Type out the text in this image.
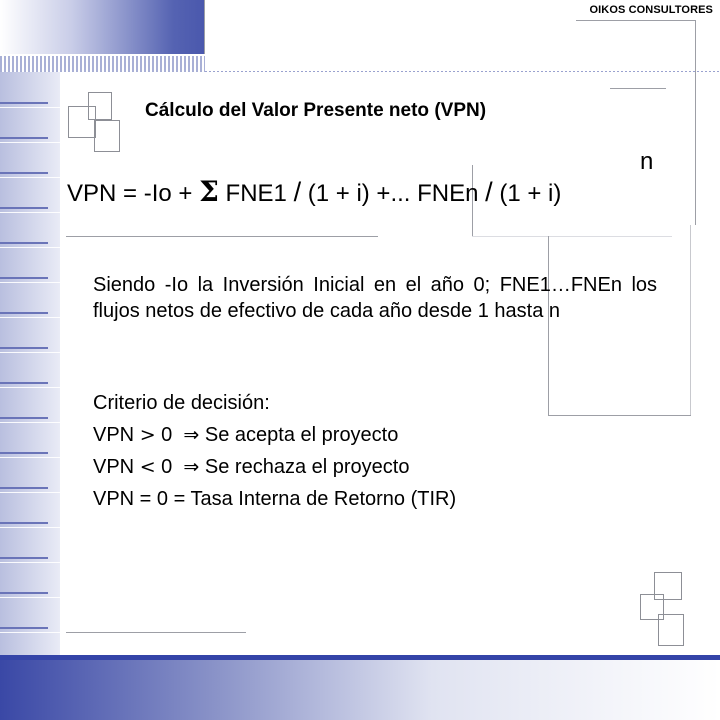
OIKOS CONSULTORES
Cálculo del Valor Presente neto (VPN)
VPN = -Io + Σ FNE1 / (1 + i) +... FNEn / (1 + i)
n
Siendo -Io la Inversión Inicial en el año 0; FNE1…FNEn los flujos netos de efectivo de cada año desde 1 hasta n
Criterio de decisión:
VPN > 0 ⇒ Se acepta el proyecto
VPN < 0 ⇒ Se rechaza el proyecto
VPN = 0 = Tasa Interna de Retorno (TIR)
